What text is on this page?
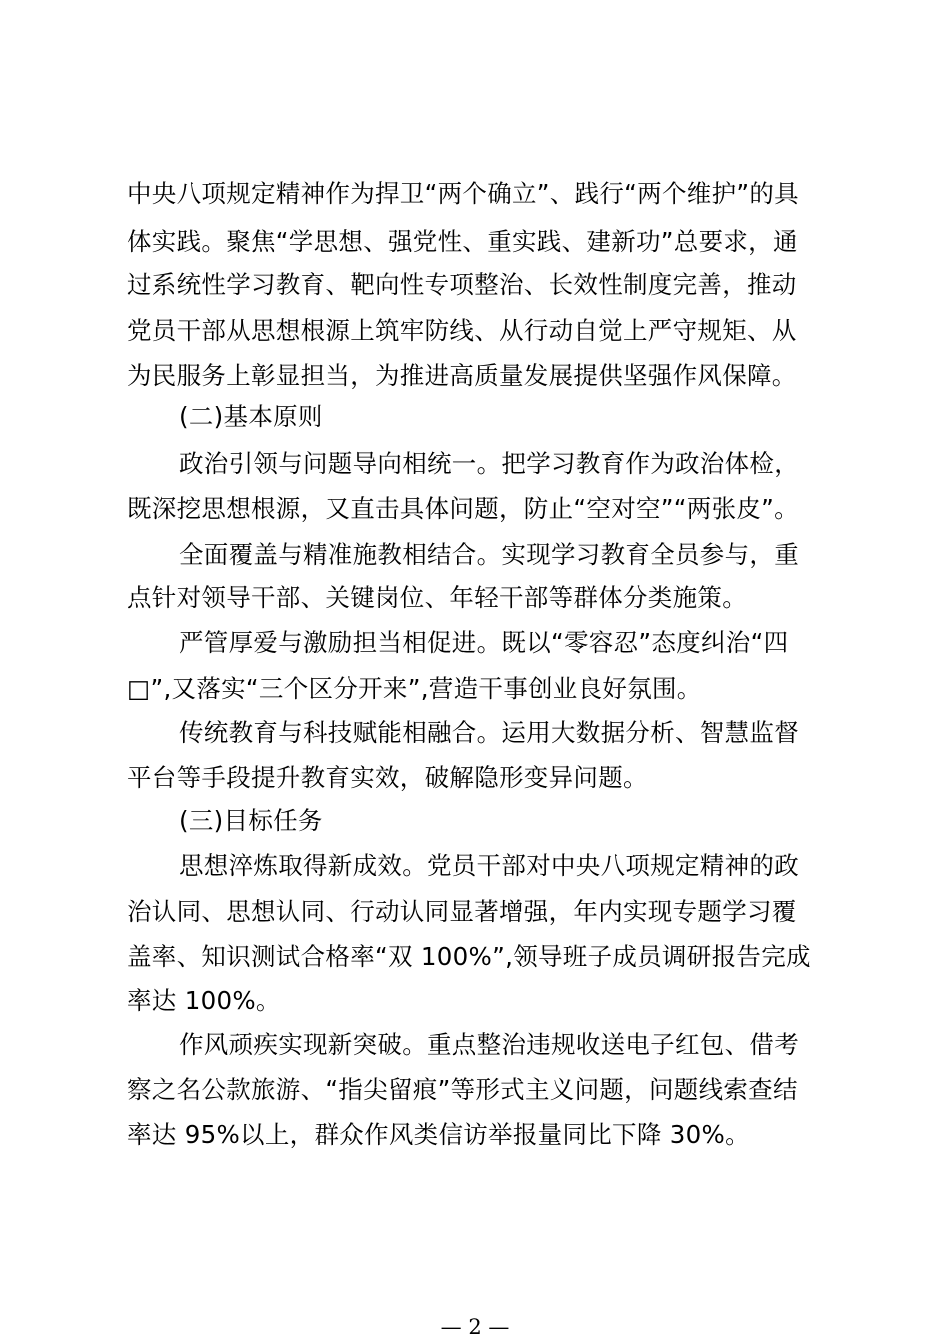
中央八项规定精神作为捍卫“两个确立”、践行“两个维护”的具
体实践。聚焦“学思想、强党性、重实践、建新功”总要求，通
过系统性学习教育、靶向性专项整治、长效性制度完善，推动
党员干部从思想根源上筑牢防线、从行动自觉上严守规矩、从
为民服务上彰显担当，为推进高质量发展提供坚强作风保障。
(二)基本原则
政治引领与问题导向相统一。把学习教育作为政治体检，
既深挖思想根源，又直击具体问题，防止“空对空”“两张皮”。
全面覆盖与精准施教相结合。实现学习教育全员参与，重
点针对领导干部、关键岗位、年轻干部等群体分类施策。
严管厚爱与激励担当相促进。既以“零容忍”态度纠治“四
□”,又落实“三个区分开来”,营造干事创业良好氛围。
传统教育与科技赋能相融合。运用大数据分析、智慧监督
平台等手段提升教育实效，破解隐形变异问题。
(三)目标任务
思想淬炼取得新成效。党员干部对中央八项规定精神的政
治认同、思想认同、行动认同显著增强，年内实现专题学习覆
盖率、知识测试合格率“双 100%”,领导班子成员调研报告完成
率达 100%。
作风顽疾实现新突破。重点整治违规收送电子红包、借考
察之名公款旅游、“指尖留痕”等形式主义问题，问题线索查结
率达 95%以上，群众作风类信访举报量同比下降 30%。
— 2 —
